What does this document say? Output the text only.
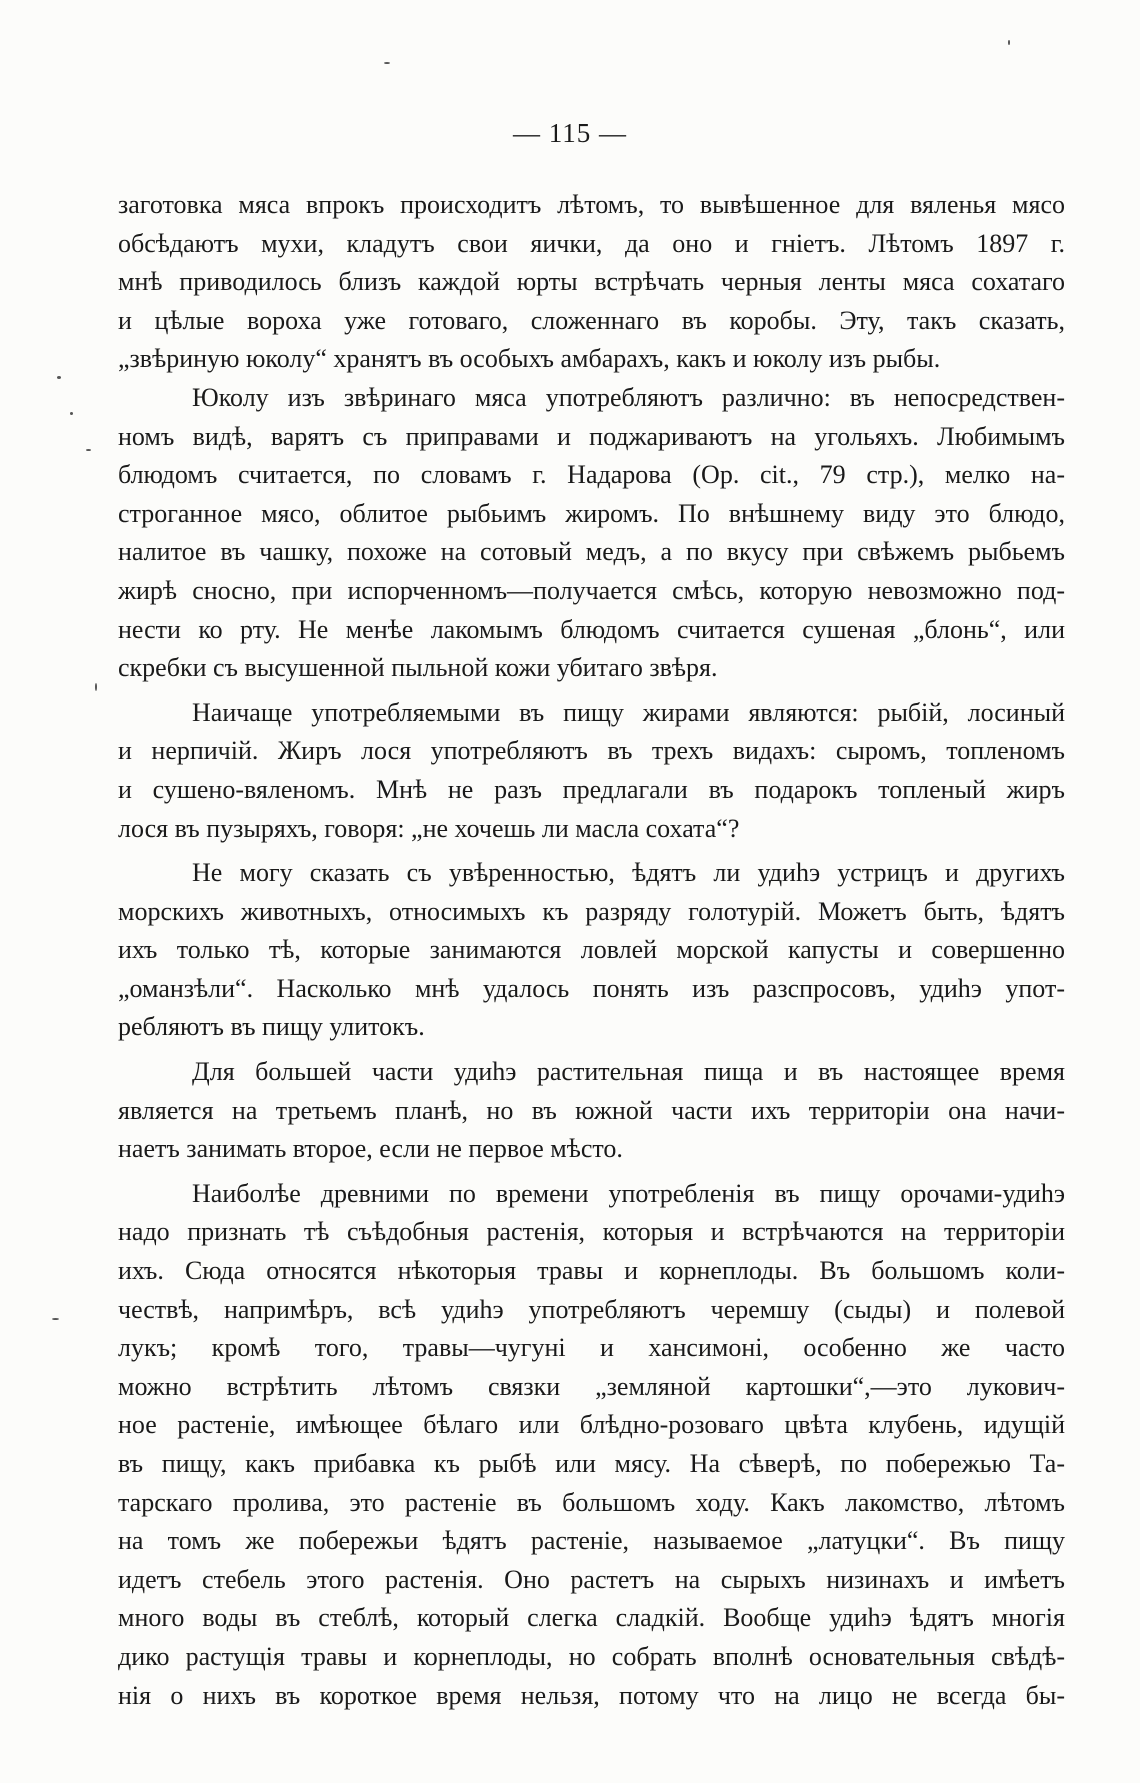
— 115 —
заготовка мяса впрокъ происходитъ лѣтомъ, то вывѣшенное для вяленья мясо
обсѣдаютъ мухи, кладутъ свои яички, да оно и гніетъ. Лѣтомъ 1897 г.
мнѣ приводилось близъ каждой юрты встрѣчать черныя ленты мяса сохатаго
и цѣлые вороха уже готоваго, сложеннаго въ коробы. Эту, такъ сказать,
„звѣриную юколу“ хранятъ въ особыхъ амбарахъ, какъ и юколу изъ рыбы.
Юколу изъ звѣринаго мяса употребляютъ различно: въ непосредствен-
номъ видѣ, варятъ съ приправами и поджариваютъ на угольяхъ. Любимымъ
блюдомъ считается, по словамъ г. Надарова (Ор. cit., 79 стр.), мелко на-
строганное мясо, облитое рыбьимъ жиромъ. По внѣшнему виду это блюдо,
налитое въ чашку, похоже на сотовый медъ, а по вкусу при свѣжемъ рыбьемъ
жирѣ сносно, при испорченномъ—получается смѣсь, которую невозможно под-
нести ко рту. Не менѣе лакомымъ блюдомъ считается сушеная „блонь“, или
скребки съ высушенной пыльной кожи убитаго звѣря.
Наичаще употребляемыми въ пищу жирами являются: рыбій, лосиный
и нерпичій. Жиръ лося употребляютъ въ трехъ видахъ: сыромъ, топленомъ
и сушено-вяленомъ. Мнѣ не разъ предлагали въ подарокъ топленый жиръ
лося въ пузыряхъ, говоря: „не хочешь ли масла сохата“?
Не могу сказать съ увѣренностью, ѣдятъ ли удиһэ устрицъ и другихъ
морскихъ животныхъ, относимыхъ къ разряду голотурій. Можетъ быть, ѣдятъ
ихъ только тѣ, которые занимаются ловлей морской капусты и совершенно
„оманзѣли“. Насколько мнѣ удалось понять изъ разспросовъ, удиһэ упот-
ребляютъ въ пищу улитокъ.
Для большей части удиһэ растительная пища и въ настоящее время
является на третьемъ планѣ, но въ южной части ихъ территоріи она начи-
наетъ занимать второе, если не первое мѣсто.
Наиболѣе древними по времени употребленія въ пищу орочами-удиһэ
надо признать тѣ съѣдобныя растенія, которыя и встрѣчаются на территоріи
ихъ. Сюда относятся нѣкоторыя травы и корнеплоды. Въ большомъ коли-
чествѣ, напримѣръ, всѣ удиһэ употребляютъ черемшу (сыды) и полевой
лукъ; кромѣ того, травы—чугуні и хансимоні, особенно же часто
можно встрѣтить лѣтомъ связки „земляной картошки“,—это лукович-
ное растеніе, имѣющее бѣлаго или блѣдно-розоваго цвѣта клубень, идущій
въ пищу, какъ прибавка къ рыбѣ или мясу. На сѣверѣ, по побережью Та-
тарскаго пролива, это растеніе въ большомъ ходу. Какъ лакомство, лѣтомъ
на томъ же побережьи ѣдятъ растеніе, называемое „латуцки“. Въ пищу
идетъ стебель этого растенія. Оно растетъ на сырыхъ низинахъ и имѣетъ
много воды въ стеблѣ, который слегка сладкій. Вообще удиһэ ѣдятъ многія
дико растущія травы и корнеплоды, но собрать вполнѣ основательныя свѣдѣ-
нія о нихъ въ короткое время нельзя, потому что на лицо не всегда бы-
